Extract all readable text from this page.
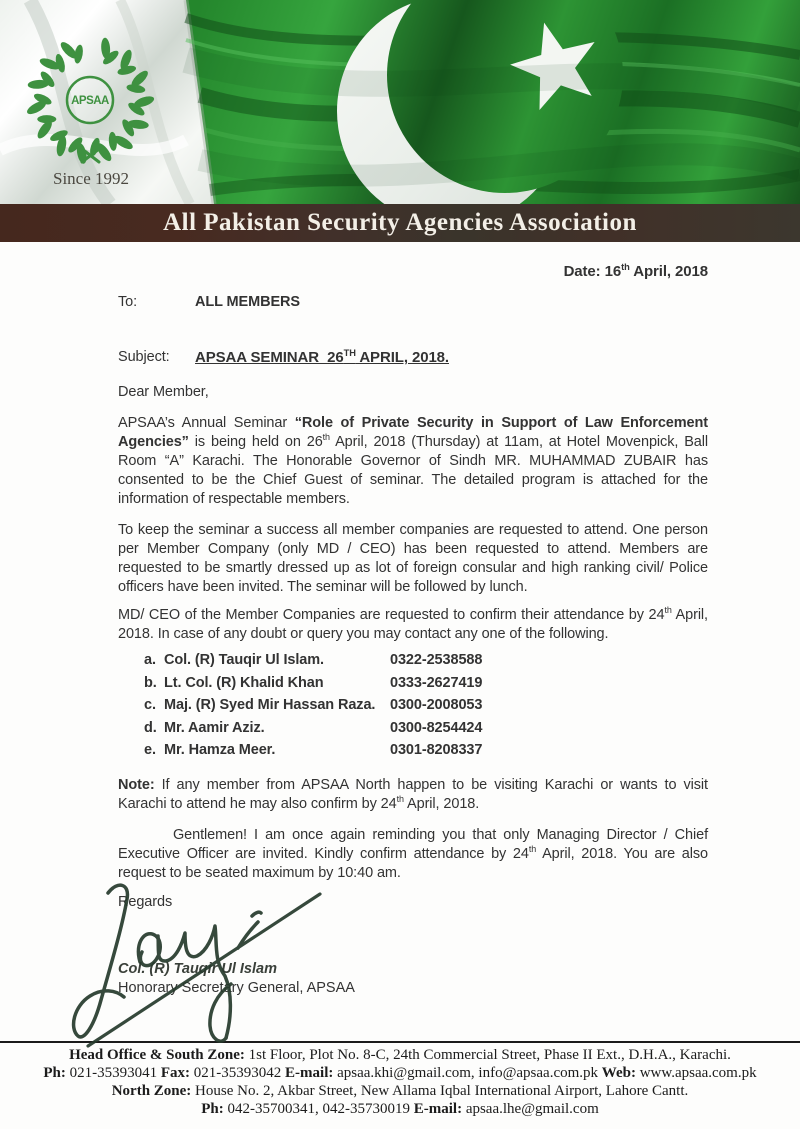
APSAA
Since 1992
All Pakistan Security Agencies Association
Date: 16th April, 2018
To:	ALL MEMBERS
Subject:	APSAA SEMINAR  26TH APRIL, 2018.

Dear Member,

APSAA’s Annual Seminar “Role of Private Security in Support of Law Enforcement Agencies” is being held on 26th April, 2018 (Thursday) at 11am, at Hotel Movenpick, Ball Room “A” Karachi. The Honorable Governor of Sindh MR. MUHAMMAD ZUBAIR has consented to be the Chief Guest of seminar. The detailed program is attached for the information of respectable members.

To keep the seminar a success all member companies are requested to attend. One person per Member Company (only MD / CEO) has been requested to attend. Members are requested to be smartly dressed up as lot of foreign consular and high ranking civil/ Police officers have been invited. The seminar will be followed by lunch.

MD/ CEO of the Member Companies are requested to confirm their attendance by 24th April, 2018. In case of any doubt or query you may contact any one of the following.

a. Col. (R) Tauqir Ul Islam.	0322-2538588
b. Lt. Col. (R) Khalid Khan	0333-2627419
c. Maj. (R) Syed Mir Hassan Raza.	0300-2008053
d. Mr. Aamir Aziz.	0300-8254424
e. Mr. Hamza Meer.	0301-8208337

Note: If any member from APSAA North happen to be visiting Karachi or wants to visit Karachi to attend he may also confirm by 24th April, 2018.

Gentlemen! I am once again reminding you that only Managing Director / Chief Executive Officer are invited. Kindly confirm attendance by 24th April, 2018. You are also request to be seated maximum by 10:40 am.

Regards

Col. (R) Tauqir Ul Islam
Honorary Secretary General, APSAA
Head Office & South Zone: 1st Floor, Plot No. 8-C, 24th Commercial Street, Phase II Ext., D.H.A., Karachi.
Ph: 021-35393041 Fax: 021-35393042 E-mail: apsaa.khi@gmail.com, info@apsaa.com.pk Web: www.apsaa.com.pk
North Zone: House No. 2, Akbar Street, New Allama Iqbal International Airport, Lahore Cantt.
Ph: 042-35700341, 042-35730019 E-mail: apsaa.lhe@gmail.com
